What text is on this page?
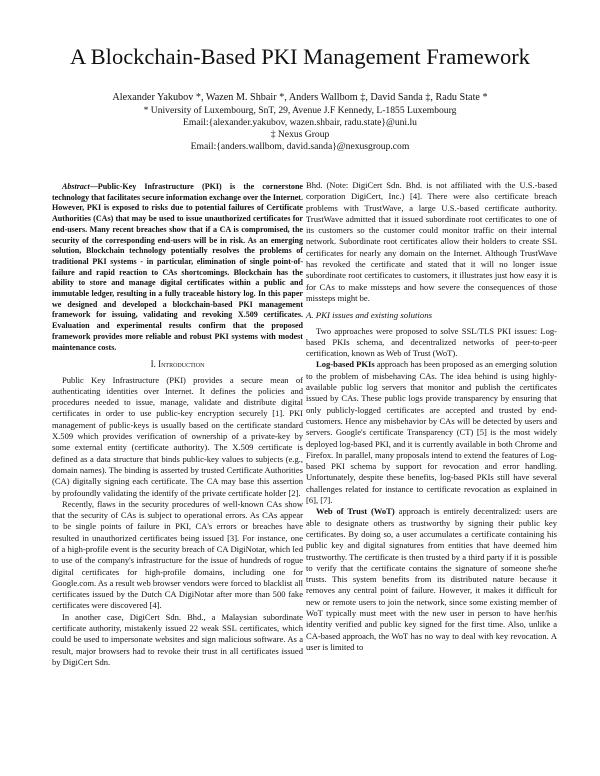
A Blockchain-Based PKI Management Framework
Alexander Yakubov *, Wazen M. Shbair *, Anders Wallbom ‡, David Sanda ‡, Radu State *
* University of Luxembourg, SnT, 29, Avenue J.F Kennedy, L-1855 Luxembourg
Email:{alexander.yakubov, wazen.shbair, radu.state}@uni.lu
‡ Nexus Group
Email:{anders.wallbom, david.sanda}@nexusgroup.com

Abstract—Public-Key Infrastructure (PKI) is the cornerstone technology that facilitates secure information exchange over the Internet. However, PKI is exposed to risks due to potential failures of Certificate Authorities (CAs) that may be used to issue unauthorized certificates for end-users. Many recent breaches show that if a CA is compromised, the security of the corresponding end-users will be in risk. As an emerging solution, Blockchain technology potentially resolves the problems of traditional PKI systems - in particular, elimination of single point-of-failure and rapid reaction to CAs shortcomings. Blockchain has the ability to store and manage digital certificates within a public and immutable ledger, resulting in a fully traceable history log. In this paper we designed and developed a blockchain-based PKI management framework for issuing, validating and revoking X.509 certificates. Evaluation and experimental results confirm that the proposed framework provides more reliable and robust PKI systems with modest maintenance costs.

I. Introduction

Public Key Infrastructure (PKI) provides a secure mean of authenticating identities over Internet. It defines the policies and procedures needed to issue, manage, validate and distribute digital certificates in order to use public-key encryption securely [1]. PKI management of public-keys is usually based on the certificate standard X.509 which provides verification of ownership of a private-key by some external entity (certificate authority). The X.509 certificate is defined as a data structure that binds public-key values to subjects (e.g., domain names). The binding is asserted by trusted Certificate Authorities (CA) digitally signing each certificate. The CA may base this assertion by profoundly validating the identify of the private certificate holder [2].

Recently, flaws in the security procedures of well-known CAs show that the security of CAs is subject to operational errors. As CAs appear to be single points of failure in PKI, CA's errors or breaches have resulted in unauthorized certificates being issued [3]. For instance, one of a high-profile event is the security breach of CA DigiNotar, which led to use of the company's infrastructure for the issue of hundreds of rogue digital certificates for high-profile domains, including one for Google.com. As a result web browser vendors were forced to blacklist all certificates issued by the Dutch CA DigiNotar after more than 500 fake certificates were discovered [4].

In another case, DigiCert Sdn. Bhd., a Malaysian subordinate certificate authority, mistakenly issued 22 weak SSL certificates, which could be used to impersonate websites and sign malicious software. As a result, major browsers had to revoke their trust in all certificates issued by DigiCert Sdn.

Bhd. (Note: DigiCert Sdn. Bhd. is not affiliated with the U.S.-based corporation DigiCert, Inc.) [4]. There were also certificate breach problems with TrustWave, a large U.S.-based certificate authority. TrustWave admitted that it issued subordinate root certificates to one of its customers so the customer could monitor traffic on their internal network. Subordinate root certificates allow their holders to create SSL certificates for nearly any domain on the Internet. Although TrustWave has revoked the certificate and stated that it will no longer issue subordinate root certificates to customers, it illustrates just how easy it is for CAs to make missteps and how severe the consequences of those missteps might be.

A. PKI issues and existing solutions

Two approaches were proposed to solve SSL/TLS PKI issues: Log-based PKIs schema, and decentralized networks of peer-to-peer certification, known as Web of Trust (WoT).

Log-based PKIs approach has been proposed as an emerging solution to the problem of misbehaving CAs. The idea behind is using highly-available public log servers that monitor and publish the certificates issued by CAs. These public logs provide transparency by ensuring that only publicly-logged certificates are accepted and trusted by end-customers. Hence any misbehavior by CAs will be detected by users and servers. Google's certificate Transparency (CT) [5] is the most widely deployed log-based PKI, and it is currently available in both Chrome and Firefox. In parallel, many proposals intend to extend the features of Log-based PKI schema by support for revocation and error handling. Unfortunately, despite these benefits, log-based PKIs still have several challenges related for instance to certificate revocation as explained in [6], [7].

Web of Trust (WoT) approach is entirely decentralized: users are able to designate others as trustworthy by signing their public key certificates. By doing so, a user accumulates a certificate containing his public key and digital signatures from entities that have deemed him trustworthy. The certificate is then trusted by a third party if it is possible to verify that the certificate contains the signature of someone she/he trusts. This system benefits from its distributed nature because it removes any central point of failure. However, it makes it difficult for new or remote users to join the network, since some existing member of WoT typically must meet with the new user in person to have her/his identity verified and public key signed for the first time. Also, unlike a CA-based approach, the WoT has no way to deal with key revocation. A user is limited to
